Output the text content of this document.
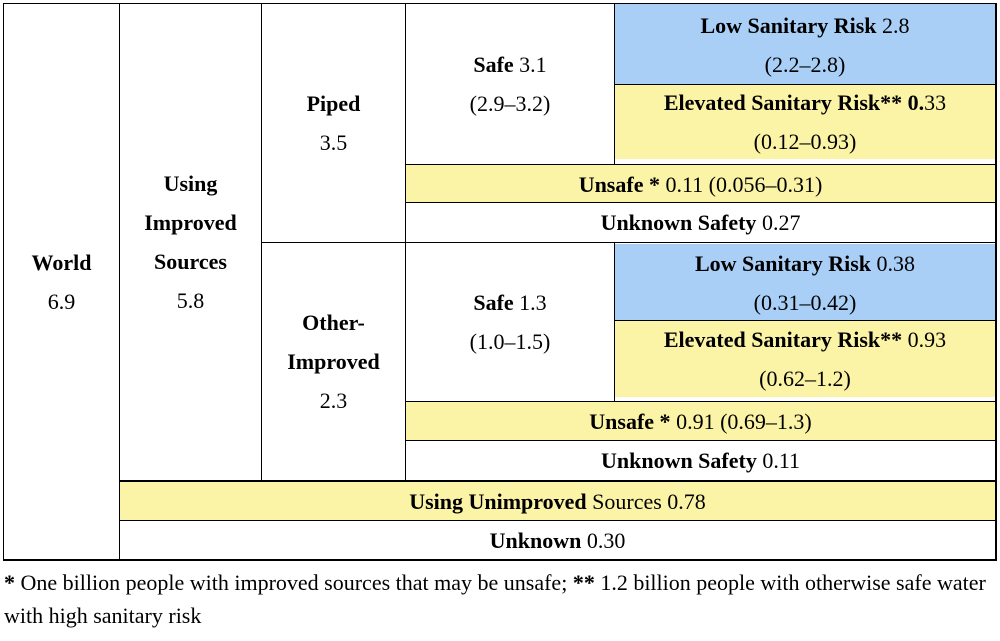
Low Sanitary Risk 2.8
(2.2–2.8)
Elevated Sanitary Risk** 0.33
(0.12–0.93)
Unsafe * 0.11 (0.056–0.31)
Unknown Safety 0.27
Low Sanitary Risk 0.38
(0.31–0.42)
Elevated Sanitary Risk** 0.93
(0.62–1.2)
Unsafe * 0.91 (0.69–1.3)
Unknown Safety 0.11
Using Unimproved Sources 0.78
Unknown 0.30
World
6.9
Using
Improved
Sources
5.8
Piped
3.5
Other-
Improved
2.3
Safe 3.1
(2.9–3.2)
Safe 1.3
(1.0–1.5)
* One billion people with improved sources that may be unsafe; ** 1.2 billion people with otherwise safe water with high sanitary risk
